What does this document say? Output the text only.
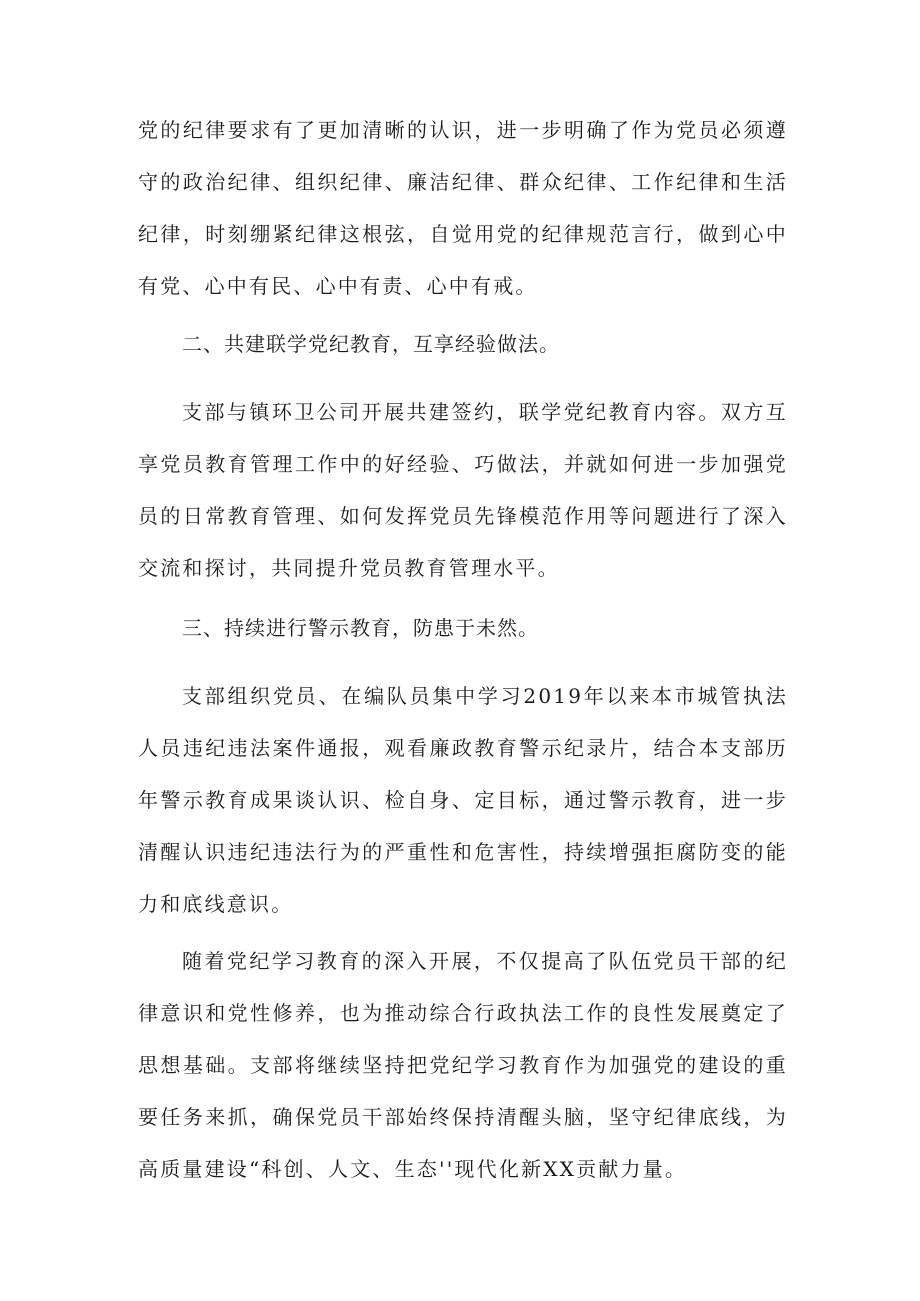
党的纪律要求有了更加清晰的认识，进一步明确了作为党员必须遵守的政治纪律、组织纪律、廉洁纪律、群众纪律、工作纪律和生活纪律，时刻绷紧纪律这根弦，自觉用党的纪律规范言行，做到心中有党、心中有民、心中有责、心中有戒。

二、共建联学党纪教育，互享经验做法。

支部与镇环卫公司开展共建签约，联学党纪教育内容。双方互享党员教育管理工作中的好经验、巧做法，并就如何进一步加强党员的日常教育管理、如何发挥党员先锋模范作用等问题进行了深入交流和探讨，共同提升党员教育管理水平。

三、持续进行警示教育，防患于未然。

支部组织党员、在编队员集中学习2019年以来本市城管执法人员违纪违法案件通报，观看廉政教育警示纪录片，结合本支部历年警示教育成果谈认识、检自身、定目标，通过警示教育，进一步清醒认识违纪违法行为的严重性和危害性，持续增强拒腐防变的能力和底线意识。

随着党纪学习教育的深入开展，不仅提高了队伍党员干部的纪律意识和党性修养，也为推动综合行政执法工作的良性发展奠定了思想基础。支部将继续坚持把党纪学习教育作为加强党的建设的重要任务来抓，确保党员干部始终保持清醒头脑，坚守纪律底线，为高质量建设“科创、人文、生态''现代化新XX贡献力量。
